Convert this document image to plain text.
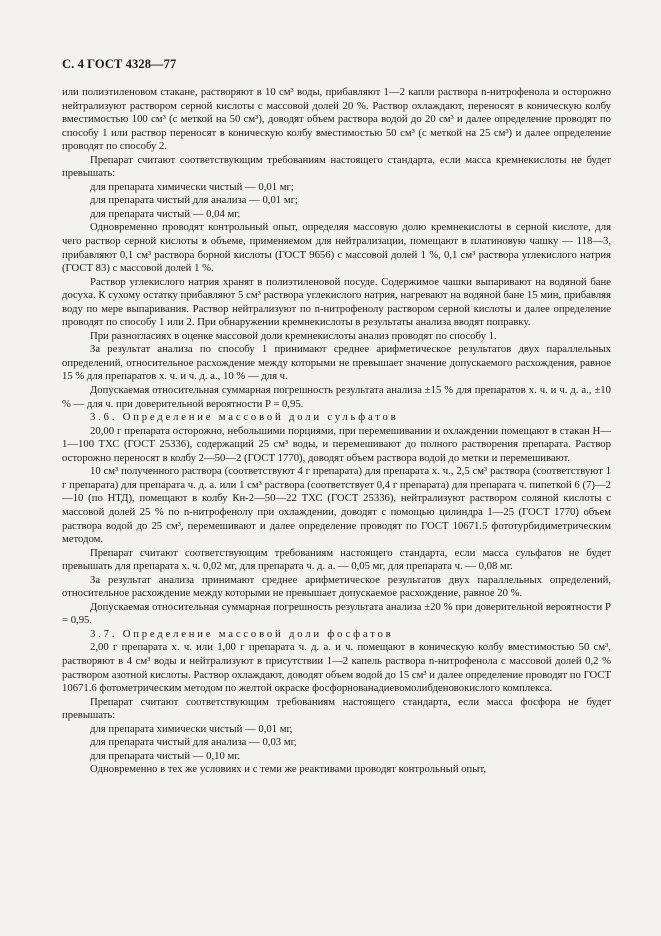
С. 4 ГОСТ 4328—77

или полиэтиленовом стакане, растворяют в 10 см³ воды, прибавляют 1—2 капли раствора n-нитрофенола и осторожно нейтрализуют раствором серной кислоты с массовой долей 20 %. Раствор охлаждают, переносят в коническую колбу вместимостью 100 см³ (с меткой на 50 см³), доводят объем раствора водой до 20 см³ и далее определение проводят по способу 1 или раствор переносят в коническую колбу вместимостью 50 см³ (с меткой на 25 см³) и далее определение проводят по способу 2.

Препарат считают соответствующим требованиям настоящего стандарта, если масса кремнекислоты не будет превышать:

для препарата химически чистый — 0,01 мг;

для препарата чистый для анализа — 0,01 мг;

для препарата чистый — 0,04 мг.

Одновременно проводят контрольный опыт, определяя массовую долю кремнекислоты в серной кислоте, для чего раствор серной кислоты в объеме, применяемом для нейтрализации, помещают в платиновую чашку — 118—3, прибавляют 0,1 см³ раствора борной кислоты (ГОСТ 9656) с массовой долей 1 %, 0,1 см³ раствора углекислого натрия (ГОСТ 83) с массовой долей 1 %.

Раствор углекислого натрия хранят в полиэтиленовой посуде. Содержимое чашки выпаривают на водяной бане досуха. К сухому остатку прибавляют 5 см³ раствора углекислого натрия, нагревают на водяной бане 15 мин, прибавляя воду по мере выпаривания. Раствор нейтрализуют по n-нитрофенолу раствором серной кислоты и далее определение проводят по способу 1 или 2. При обнаружении кремнекислоты в результаты анализа вводят поправку.

При разногласиях в оценке массовой доли кремнекислоты анализ проводят по способу 1.

За результат анализа по способу 1 принимают среднее арифметическое результатов двух параллельных определений, относительное расхождение между которыми не превышает значение допускаемого расхождения, равное 15 % для препаратов х. ч. и ч. д. а., 10 % — для ч.

Допускаемая относительная суммарная погрешность результата анализа ±15 % для препаратов х. ч. и ч. д. а., ±10 % — для ч. при доверительной вероятности P = 0,95.

3.6. Определение массовой доли сульфатов

20,00 г препарата осторожно, небольшими порциями, при перемешивании и охлаждении помещают в стакан Н—1—100 ТХС (ГОСТ 25336), содержащий 25 см³ воды, и перемешивают до полного растворения препарата. Раствор осторожно переносят в колбу 2—50—2 (ГОСТ 1770), доводят объем раствора водой до метки и перемешивают.

10 см³ полученного раствора (соответствуют 4 г препарата) для препарата х. ч., 2,5 см³ раствора (соответствуют 1 г препарата) для препарата ч. д. а. или 1 см³ раствора (соответствует 0,4 г препарата) для препарата ч. пипеткой 6 (7)—2—10 (по НТД), помещают в колбу Кн-2—50—22 ТХС (ГОСТ 25336), нейтрализуют раствором соляной кислоты с массовой долей 25 % по n-нитрофенолу при охлаждении, доводят с помощью цилиндра 1—25 (ГОСТ 1770) объем раствора водой до 25 см³, перемешивают и далее определение проводят по ГОСТ 10671.5 фототурбидиметрическим методом.

Препарат считают соответствующим требованиям настоящего стандарта, если масса сульфатов не будет превышать для препарата х. ч. 0,02 мг, для препарата ч. д. а. — 0,05 мг, для препарата ч. — 0,08 мг.

За результат анализа принимают среднее арифметическое результатов двух параллельных определений, относительное расхождение между которыми не превышает допускаемое расхождение, равное 20 %.

Допускаемая относительная суммарная погрешность результата анализа ±20 % при доверительной вероятности P = 0,95.

3.7. Определение массовой доли фосфатов

2,00 г препарата х. ч. или 1,00 г препарата ч. д. а. и ч. помещают в коническую колбу вместимостью 50 см³, растворяют в 4 см³ воды и нейтрализуют в присутствии 1—2 капель раствора n-нитрофенола с массовой долей 0,2 % раствором азотной кислоты. Раствор охлаждают, доводят объем водой до 15 см³ и далее определение проводят по ГОСТ 10671.6 фотометрическим методом по желтой окраске фосфорнованадиевомолибденовокислого комплекса.

Препарат считают соответствующим требованиям настоящего стандарта, если масса фосфора не будет превышать:

для препарата химически чистый — 0,01 мг,

для препарата чистый для анализа — 0,03 мг,

для препарата чистый — 0,10 мг.

Одновременно в тех же условиях и с теми же реактивами проводят контрольный опыт,
